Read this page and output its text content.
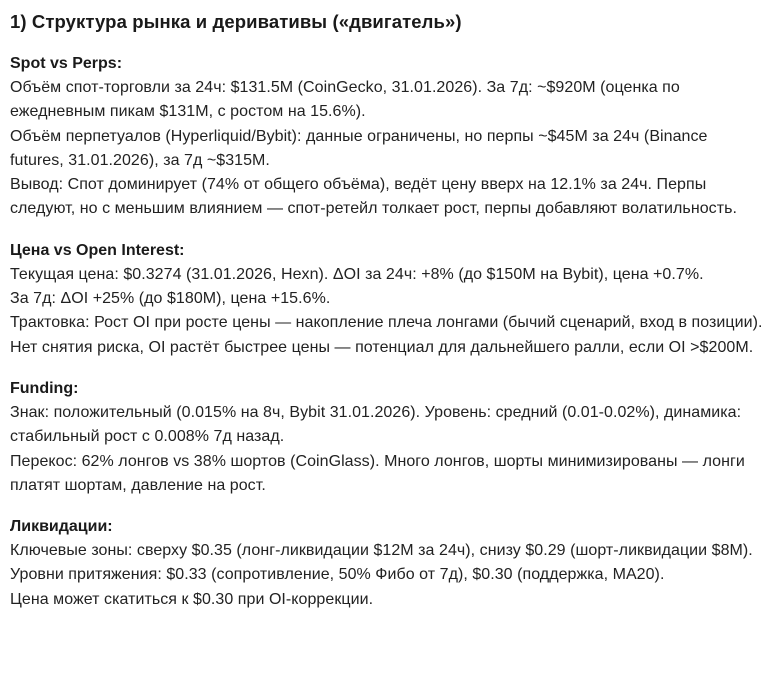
1) Структура рынка и деривативы («двигатель»)
Spot vs Perps:
Объём спот-торговли за 24ч: $131.5M (CoinGecko, 31.01.2026). За 7д: ~$920M (оценка по ежедневным пикам $131M, с ростом на 15.6%).
Объём перпетуалов (Hyperliquid/Bybit): данные ограничены, но перпы ~$45M за 24ч (Binance futures, 31.01.2026), за 7д ~$315M.
Вывод: Спот доминирует (74% от общего объёма), ведёт цену вверх на 12.1% за 24ч. Перпы следуют, но с меньшим влиянием — спот-ретейл толкает рост, перпы добавляют волатильность.
Цена vs Open Interest:
Текущая цена: $0.3274 (31.01.2026, Hexn). ΔOI за 24ч: +8% (до $150M на Bybit), цена +0.7%.
За 7д: ΔOI +25% (до $180M), цена +15.6%.
Трактовка: Рост OI при росте цены — накопление плеча лонгами (бычий сценарий, вход в позиции). Нет снятия риска, OI растёт быстрее цены — потенциал для дальнейшего ралли, если OI >$200M.
Funding:
Знак: положительный (0.015% на 8ч, Bybit 31.01.2026). Уровень: средний (0.01-0.02%), динамика: стабильный рост с 0.008% 7д назад.
Перекос: 62% лонгов vs 38% шортов (CoinGlass). Много лонгов, шорты минимизированы — лонги платят шортам, давление на рост.
Ликвидации:
Ключевые зоны: сверху $0.35 (лонг-ликвидации $12M за 24ч), снизу $0.29 (шорт-ликвидации $8M).
Уровни притяжения: $0.33 (сопротивление, 50% Фибо от 7д), $0.30 (поддержка, MA20).
Цена может скатиться к $0.30 при OI-коррекции.
